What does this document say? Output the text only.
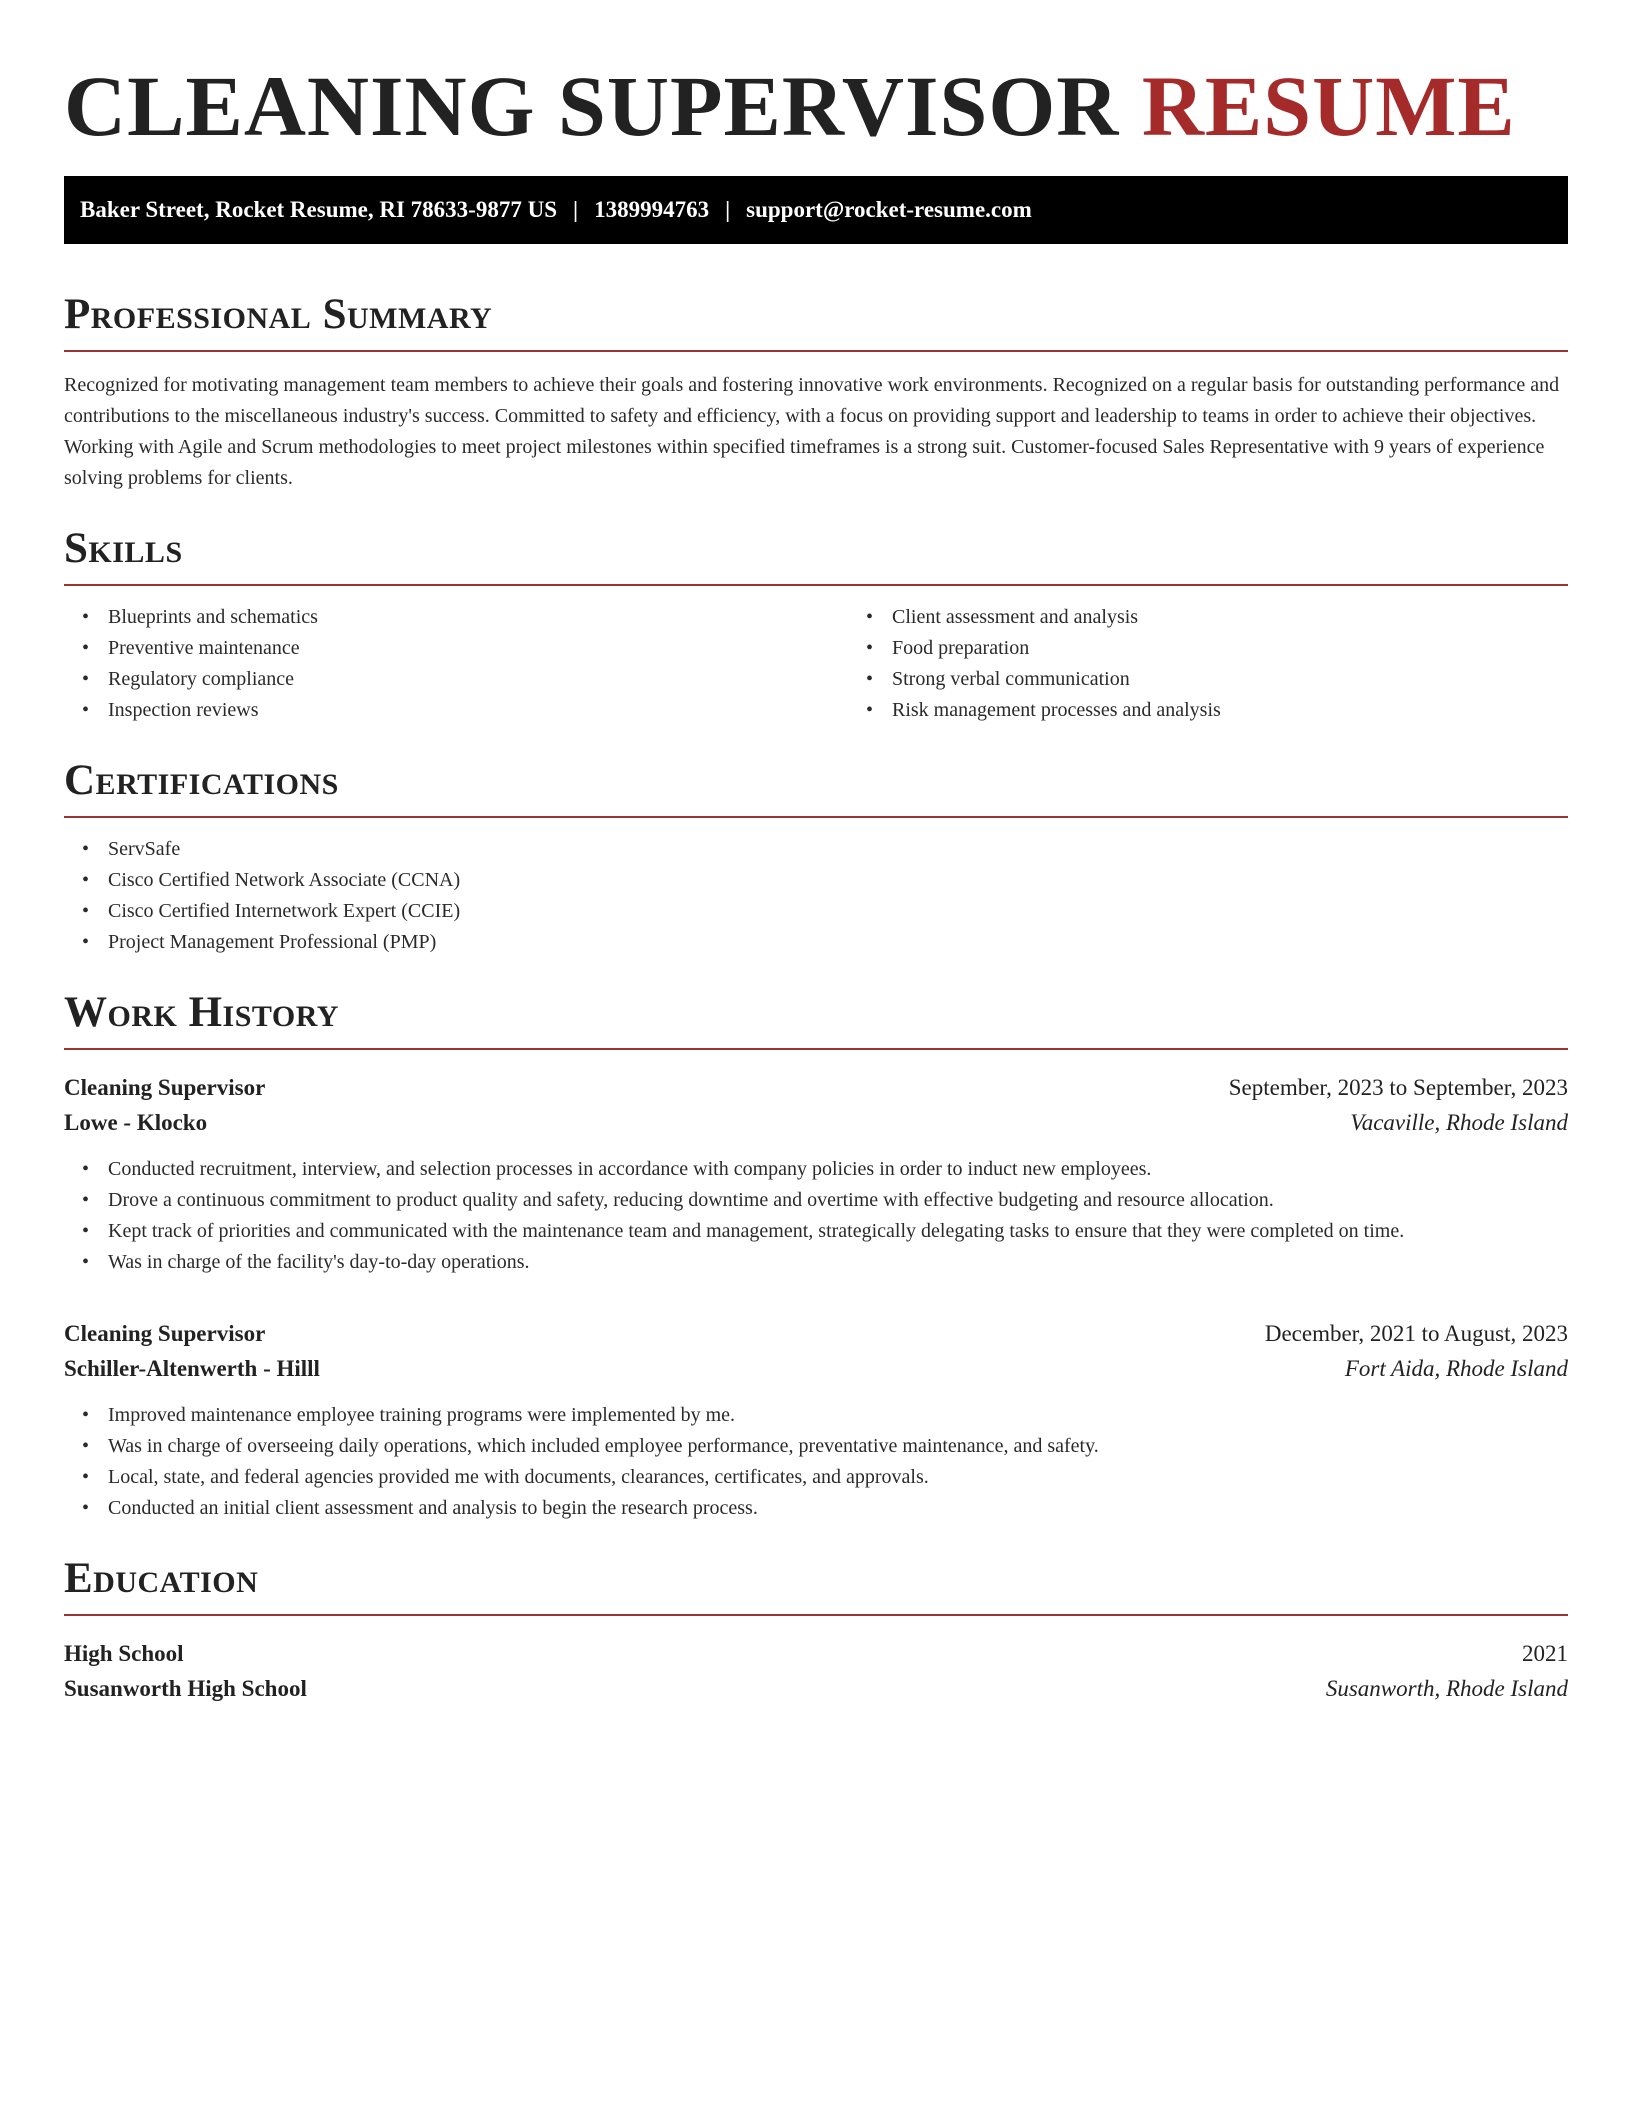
CLEANING SUPERVISOR RESUME
Baker Street, Rocket Resume, RI 78633-9877 US | 1389994763 | support@rocket-resume.com
Professional Summary

Recognized for motivating management team members to achieve their goals and fostering innovative work environments. Recognized on a regular basis for outstanding performance and contributions to the miscellaneous industry's success. Committed to safety and efficiency, with a focus on providing support and leadership to teams in order to achieve their objectives. Working with Agile and Scrum methodologies to meet project milestones within specified timeframes is a strong suit. Customer-focused Sales Representative with 9 years of experience solving problems for clients.

Skills
• Blueprints and schematics
• Preventive maintenance
• Regulatory compliance
• Inspection reviews
• Client assessment and analysis
• Food preparation
• Strong verbal communication
• Risk management processes and analysis
Certifications
• ServSafe
• Cisco Certified Network Associate (CCNA)
• Cisco Certified Internetwork Expert (CCIE)
• Project Management Professional (PMP)
Work History
Cleaning Supervisor	September, 2023 to September, 2023
Lowe - Klocko	Vacaville, Rhode Island
• Conducted recruitment, interview, and selection processes in accordance with company policies in order to induct new employees.
• Drove a continuous commitment to product quality and safety, reducing downtime and overtime with effective budgeting and resource allocation.
• Kept track of priorities and communicated with the maintenance team and management, strategically delegating tasks to ensure that they were completed on time.
• Was in charge of the facility's day-to-day operations.
Cleaning Supervisor	December, 2021 to August, 2023
Schiller-Altenwerth - Hilll	Fort Aida, Rhode Island
• Improved maintenance employee training programs were implemented by me.
• Was in charge of overseeing daily operations, which included employee performance, preventative maintenance, and safety.
• Local, state, and federal agencies provided me with documents, clearances, certificates, and approvals.
• Conducted an initial client assessment and analysis to begin the research process.
Education
High School	2021
Susanworth High School	Susanworth, Rhode Island
